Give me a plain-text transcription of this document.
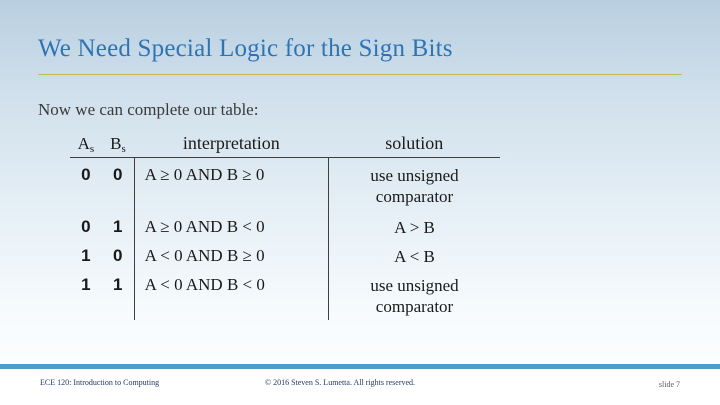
We Need Special Logic for the Sign Bits
Now we can complete our table:
$A_s$	$B_s$	interpretation	solution

0	0	A ≥ 0 AND B ≥ 0	use unsigned
comparator

0	1	A ≥ 0 AND B < 0	A > B

1	0	A < 0 AND B ≥ 0	A < B

1	1	A < 0 AND B < 0	use unsigned
comparator
ECE 120: Introduction to Computing	© 2016 Steven S. Lumetta. All rights reserved.	slide 7
